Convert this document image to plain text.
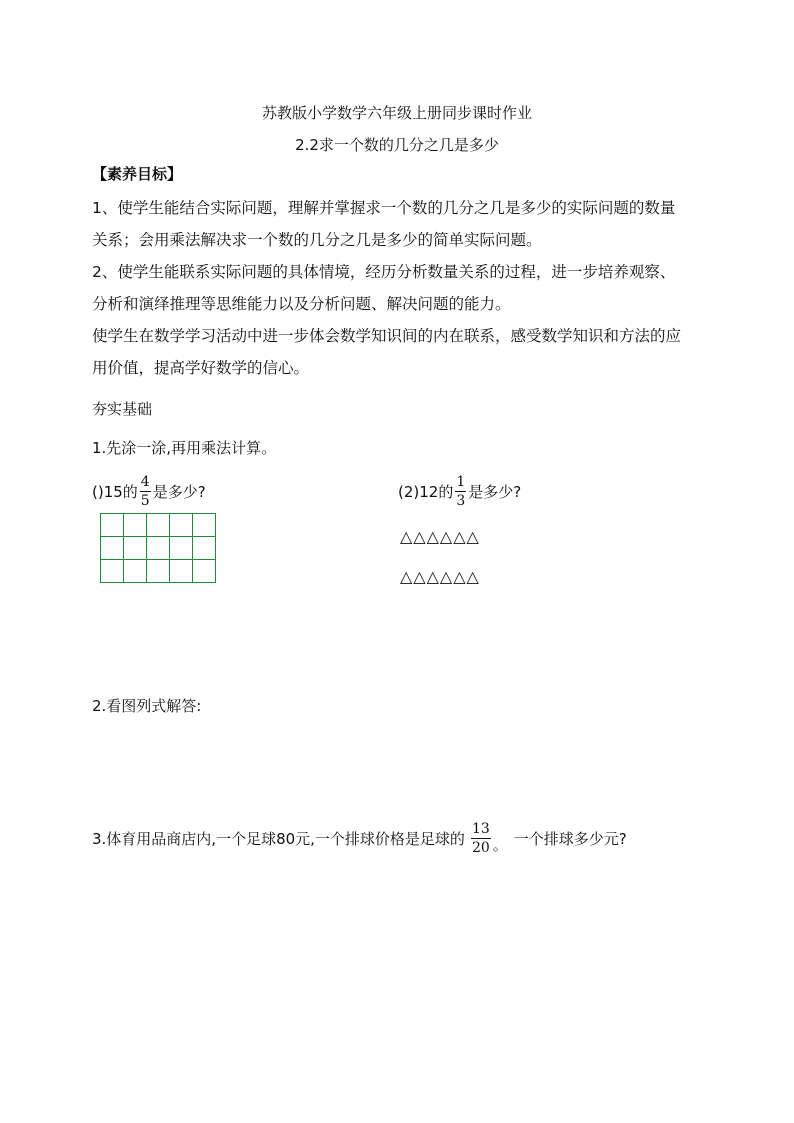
苏教版小学数学六年级上册同步课时作业
2.2求一个数的几分之几是多少
【素养目标】
1、使学生能结合实际问题，理解并掌握求一个数的几分之几是多少的实际问题的数量
关系；会用乘法解决求一个数的几分之几是多少的简单实际问题。
2、使学生能联系实际问题的具体情境，经历分析数量关系的过程，进一步培养观察、
分析和演绎推理等思维能力以及分析问题、解决问题的能力。
使学生在数学学习活动中进一步体会数学知识间的内在联系，感受数学知识和方法的应
用价值，提高学好数学的信心。
夯实基础
1.先涂一涂,再用乘法计算。
()15的 $\frac{4}{5}$ 是多少?

					(2)12的 $\frac{1}{3}$ 是多少?
△△△△△△
△△△△△△
2.看图列式解答:
3.体育用品商店内,一个足球80元,一个排球价格是足球的 $\frac{13}{20}$ 。 一个排球多少元?
